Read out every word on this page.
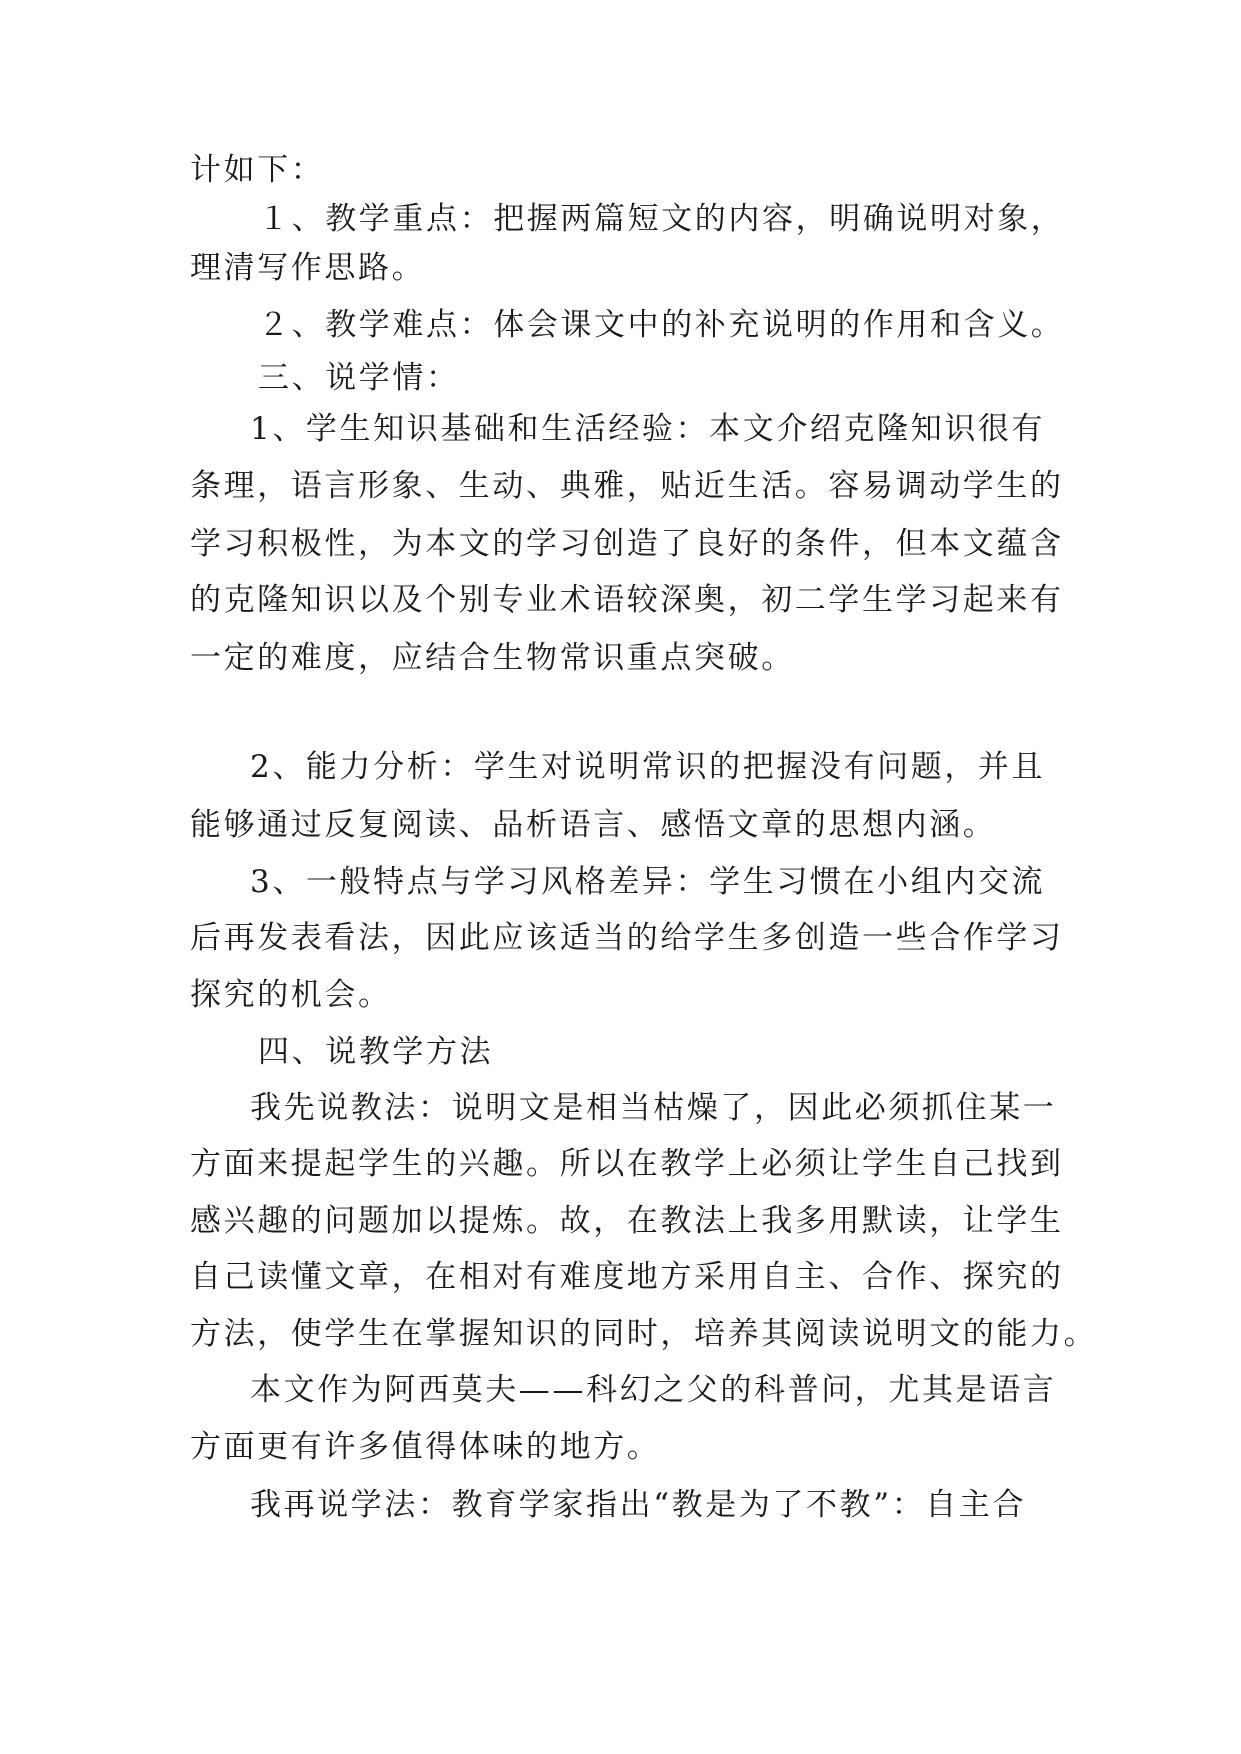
计如下：
１、教学重点：把握两篇短文的内容，明确说明对象，
理清写作思路。
２、教学难点：体会课文中的补充说明的作用和含义。
三、说学情：
1、学生知识基础和生活经验：本文介绍克隆知识很有
条理，语言形象、生动、典雅，贴近生活。容易调动学生的
学习积极性，为本文的学习创造了良好的条件，但本文蕴含
的克隆知识以及个别专业术语较深奥，初二学生学习起来有
一定的难度，应结合生物常识重点突破。
2、能力分析：学生对说明常识的把握没有问题，并且
能够通过反复阅读、品析语言、感悟文章的思想内涵。
3、一般特点与学习风格差异：学生习惯在小组内交流
后再发表看法，因此应该适当的给学生多创造一些合作学习
探究的机会。
四、说教学方法
我先说教法：说明文是相当枯燥了，因此必须抓住某一
方面来提起学生的兴趣。所以在教学上必须让学生自己找到
感兴趣的问题加以提炼。故，在教法上我多用默读，让学生
自己读懂文章，在相对有难度地方采用自主、合作、探究的
方法，使学生在掌握知识的同时，培养其阅读说明文的能力。
本文作为阿西莫夫——科幻之父的科普问，尤其是语言
方面更有许多值得体味的地方。
我再说学法：教育学家指出“教是为了不教”：自主合
